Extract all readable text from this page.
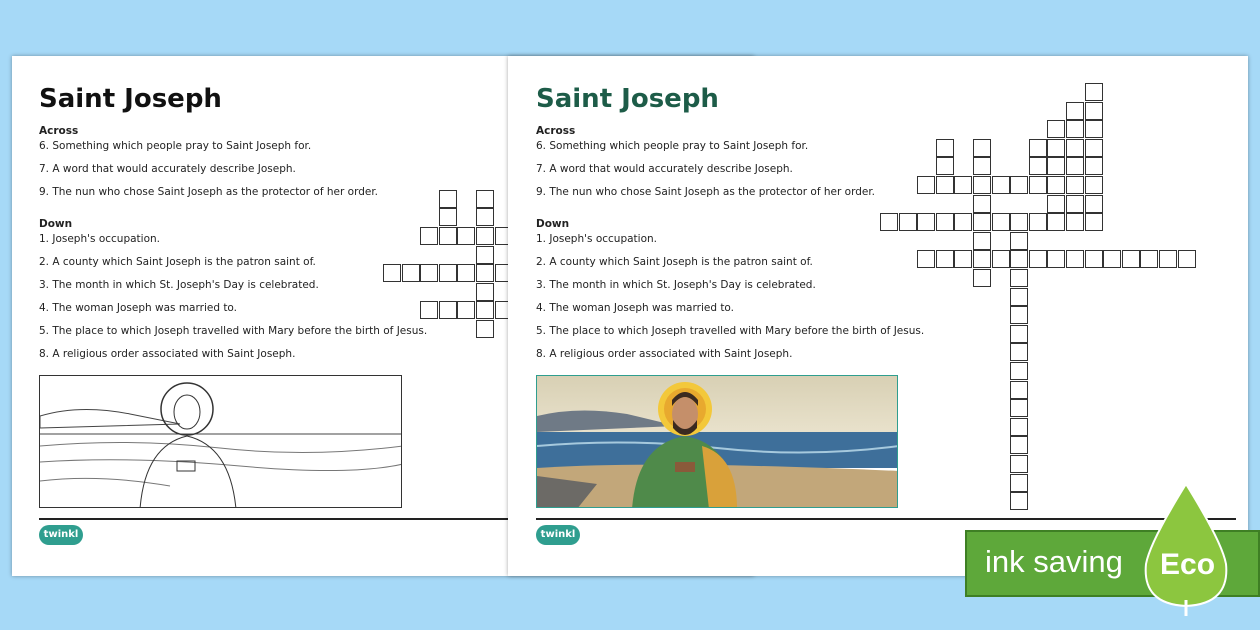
Saint Joseph
Across
6. Something which people pray to Saint Joseph for.
7. A word that would accurately describe Joseph.
9. The nun who chose Saint Joseph as the protector of her order.
Down
1. Joseph's occupation.
2. A county which Saint Joseph is the patron saint of.
3. The month in which St. Joseph's Day is celebrated.
4. The woman Joseph was married to.
5. The place to which Joseph travelled with Mary before the birth of Jesus.
8. A religious order associated with Saint Joseph.
twinkl
Saint Joseph
Across
6. Something which people pray to Saint Joseph for.
7. A word that would accurately describe Joseph.
9. The nun who chose Saint Joseph as the protector of her order.
Down
1. Joseph's occupation.
2. A county which Saint Joseph is the patron saint of.
3. The month in which St. Joseph's Day is celebrated.
4. The woman Joseph was married to.
5. The place to which Joseph travelled with Mary before the birth of Jesus.
8. A religious order associated with Saint Joseph.
twinkl
ink saving Eco
